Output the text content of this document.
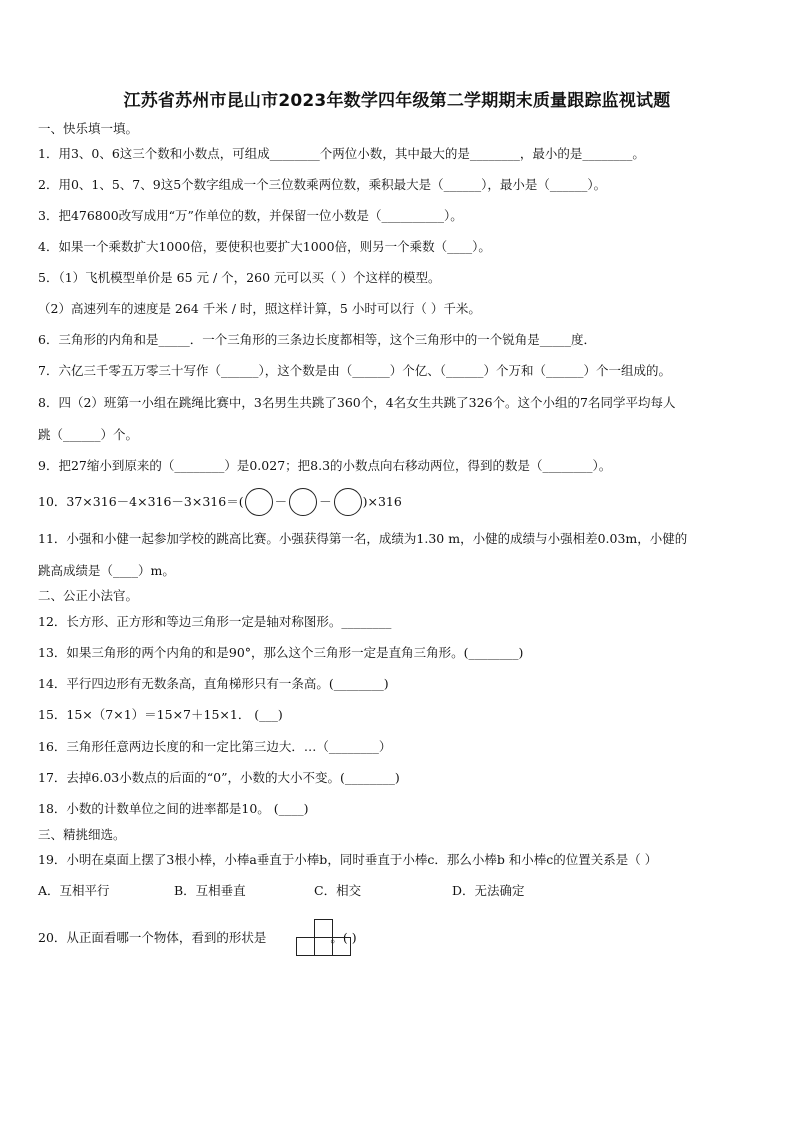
江苏省苏州市昆山市2023年数学四年级第二学期期末质量跟踪监视试题
一、快乐填一填。
1．用3、0、6这三个数和小数点，可组成________个两位小数，其中最大的是________，最小的是________。
2．用0、1、5、7、9这5个数字组成一个三位数乘两位数，乘积最大是（______），最小是（______）。
3．把476800改写成用“万”作单位的数，并保留一位小数是（__________）。
4．如果一个乘数扩大1000倍，要使积也要扩大1000倍，则另一个乘数（____）。
5．（1）飞机模型单价是 65 元 / 个，260 元可以买（ ）个这样的模型。
（2）高速列车的速度是 264 千米 / 时，照这样计算，5 小时可以行（ ）千米。
6．三角形的内角和是_____．一个三角形的三条边长度都相等，这个三角形中的一个锐角是_____度．
7．六亿三千零五万零三十写作（______），这个数是由（______）个亿、（______）个万和（______）个一组成的。
8．四（2）班第一小组在跳绳比赛中，3名男生共跳了360个，4名女生共跳了326个。这个小组的7名同学平均每人
跳（______）个。
9．把27缩小到原来的（________）是0.027；把8.3的小数点向右移动两位，得到的数是（________）。
10．37×316－4×316－3×316＝( －	－ )×316
11．小强和小健一起参加学校的跳高比赛。小强获得第一名，成绩为1.30 m，小健的成绩与小强相差0.03m，小健的
跳高成绩是（____）m。
二、公正小法官。
12．长方形、正方形和等边三角形一定是轴对称图形。________
13．如果三角形的两个内角的和是90°，那么这个三角形一定是直角三角形。(________)
14．平行四边形有无数条高，直角梯形只有一条高。(________)
15．15×（7×1）＝15×7＋15×1． (___)
16．三角形任意两边长度的和一定比第三边大．…（________）
17．去掉6.03小数点的后面的“0”，小数的大小不变。(________)
18．小数的计数单位之间的进率都是10。 (____)
三、精挑细选。
19．小明在桌面上摆了3根小棒，小棒a垂直于小棒b，同时垂直于小棒c．那么小棒b 和小棒c的位置关系是（ ）
A．互相平行	B．互相垂直	C．相交	D．无法确定
20．从正面看哪一个物体，看到的形状是	。( )
